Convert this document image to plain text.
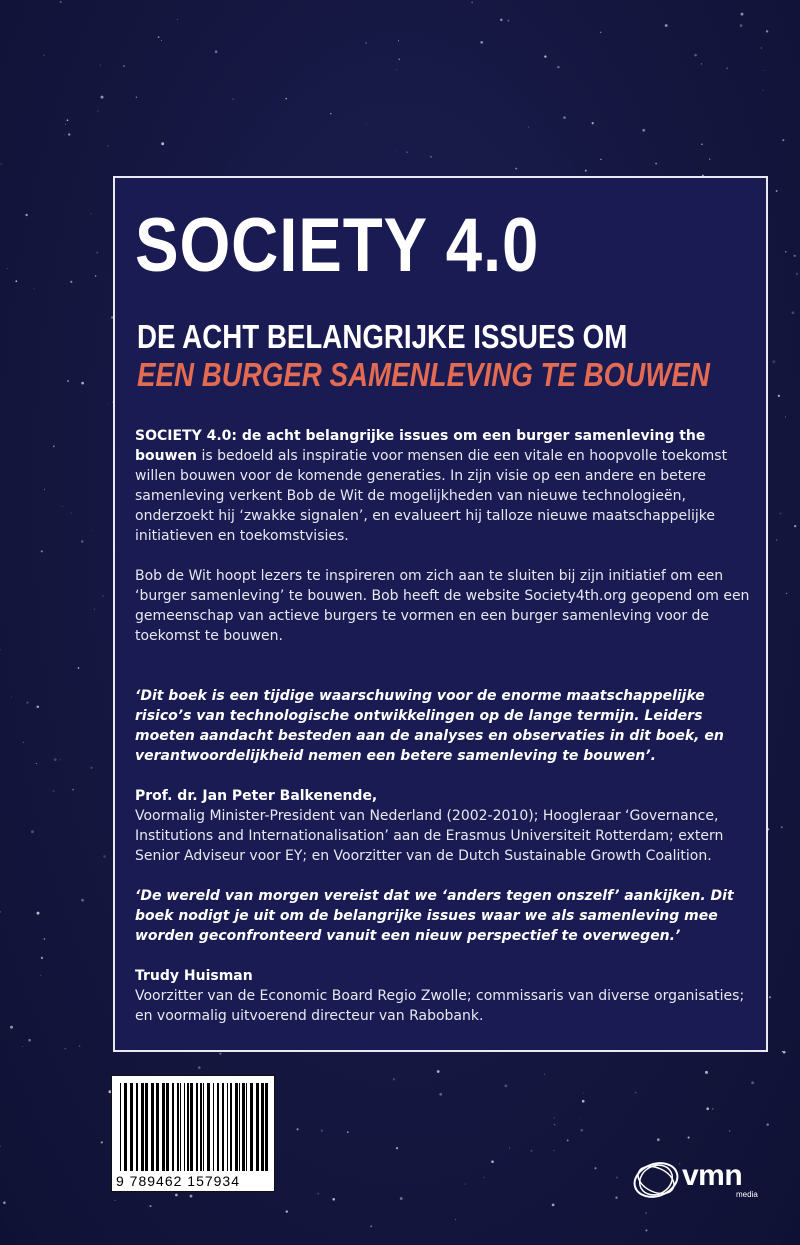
SOCIETY 4.0
DE ACHT BELANGRIJKE ISSUES OM
EEN BURGER SAMENLEVING TE BOUWEN

SOCIETY 4.0: de acht belangrijke issues om een burger samenleving the bouwen is bedoeld als inspiratie voor mensen die een vitale en hoopvolle toekomst willen bouwen voor de komende generaties. In zijn visie op een andere en betere samenleving verkent Bob de Wit de mogelijkheden van nieuwe technologieën, onderzoekt hij ‘zwakke signalen’, en evalueert hij talloze nieuwe maatschappelijke initiatieven en toekomstvisies.

Bob de Wit hoopt lezers te inspireren om zich aan te sluiten bij zijn initiatief om een ‘burger samenleving’ te bouwen. Bob heeft de website Society4th.org geopend om een gemeenschap van actieve burgers te vormen en een burger samenleving voor de toekomst te bouwen.

‘Dit boek is een tijdige waarschuwing voor de enorme maatschappelijke risico’s van technologische ontwikkelingen op de lange termijn. Leiders moeten aandacht besteden aan de analyses en observaties in dit boek, en verantwoordelijkheid nemen een betere samenleving te bouwen’.

Prof. dr. Jan Peter Balkenende,
Voormalig Minister-President van Nederland (2002-2010); Hoogleraar ‘Governance, Institutions and Internationalisation’ aan de Erasmus Universiteit Rotterdam; extern Senior Adviseur voor EY; en Voorzitter van de Dutch Sustainable Growth Coalition.

‘De wereld van morgen vereist dat we ‘anders tegen onszelf’ aankijken. Dit boek nodigt je uit om de belangrijke issues waar we als samenleving mee worden geconfronteerd vanuit een nieuw perspectief te overwegen.’

Trudy Huisman
Voorzitter van de Economic Board Regio Zwolle; commissaris van diverse organisaties; en voormalig uitvoerend directeur van Rabobank.

9 789462 157934	vmn
media
